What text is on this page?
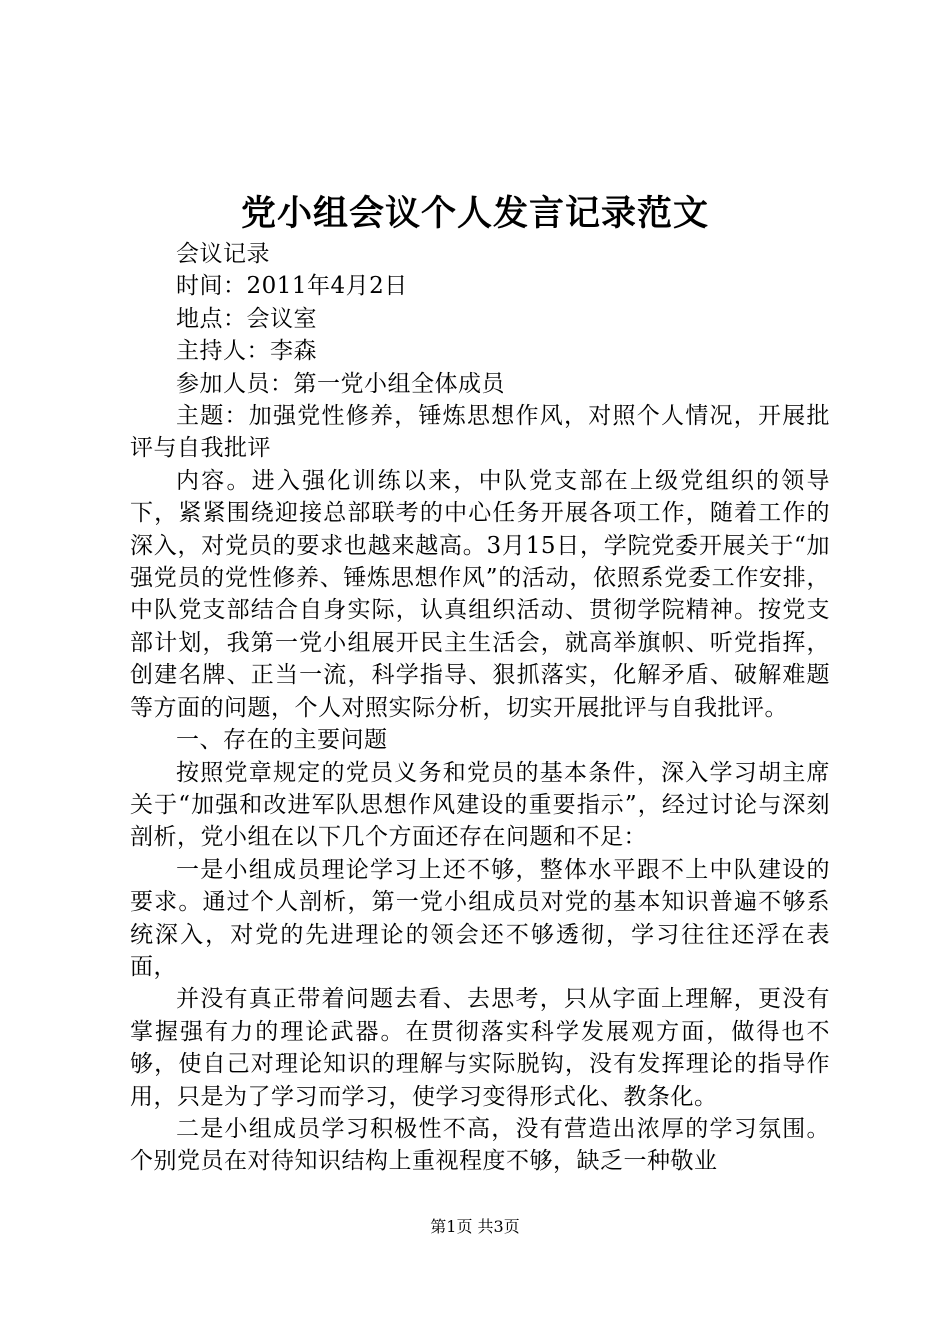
党小组会议个人发言记录范文

会议记录

时间：2011年4月2日

地点：会议室

主持人：李森

参加人员：第一党小组全体成员

主题：加强党性修养，锤炼思想作风，对照个人情况，开展批评与自我批评

内容。进入强化训练以来，中队党支部在上级党组织的领导下，紧紧围绕迎接总部联考的中心任务开展各项工作，随着工作的深入，对党员的要求也越来越高。3月15日，学院党委开展关于“加强党员的党性修养、锤炼思想作风”的活动，依照系党委工作安排，中队党支部结合自身实际，认真组织活动、贯彻学院精神。按党支部计划，我第一党小组展开民主生活会，就高举旗帜、听党指挥，创建名牌、正当一流，科学指导、狠抓落实，化解矛盾、破解难题等方面的问题，个人对照实际分析，切实开展批评与自我批评。

一、存在的主要问题

按照党章规定的党员义务和党员的基本条件，深入学习胡主席关于“加强和改进军队思想作风建设的重要指示”，经过讨论与深刻剖析，党小组在以下几个方面还存在问题和不足：

一是小组成员理论学习上还不够，整体水平跟不上中队建设的要求。通过个人剖析，第一党小组成员对党的基本知识普遍不够系统深入，对党的先进理论的领会还不够透彻，学习往往还浮在表面，

并没有真正带着问题去看、去思考，只从字面上理解，更没有掌握强有力的理论武器。在贯彻落实科学发展观方面，做得也不够，使自己对理论知识的理解与实际脱钩，没有发挥理论的指导作用，只是为了学习而学习，使学习变得形式化、教条化。

二是小组成员学习积极性不高，没有营造出浓厚的学习氛围。个别党员在对待知识结构上重视程度不够，缺乏一种敬业

第1页 共3页
